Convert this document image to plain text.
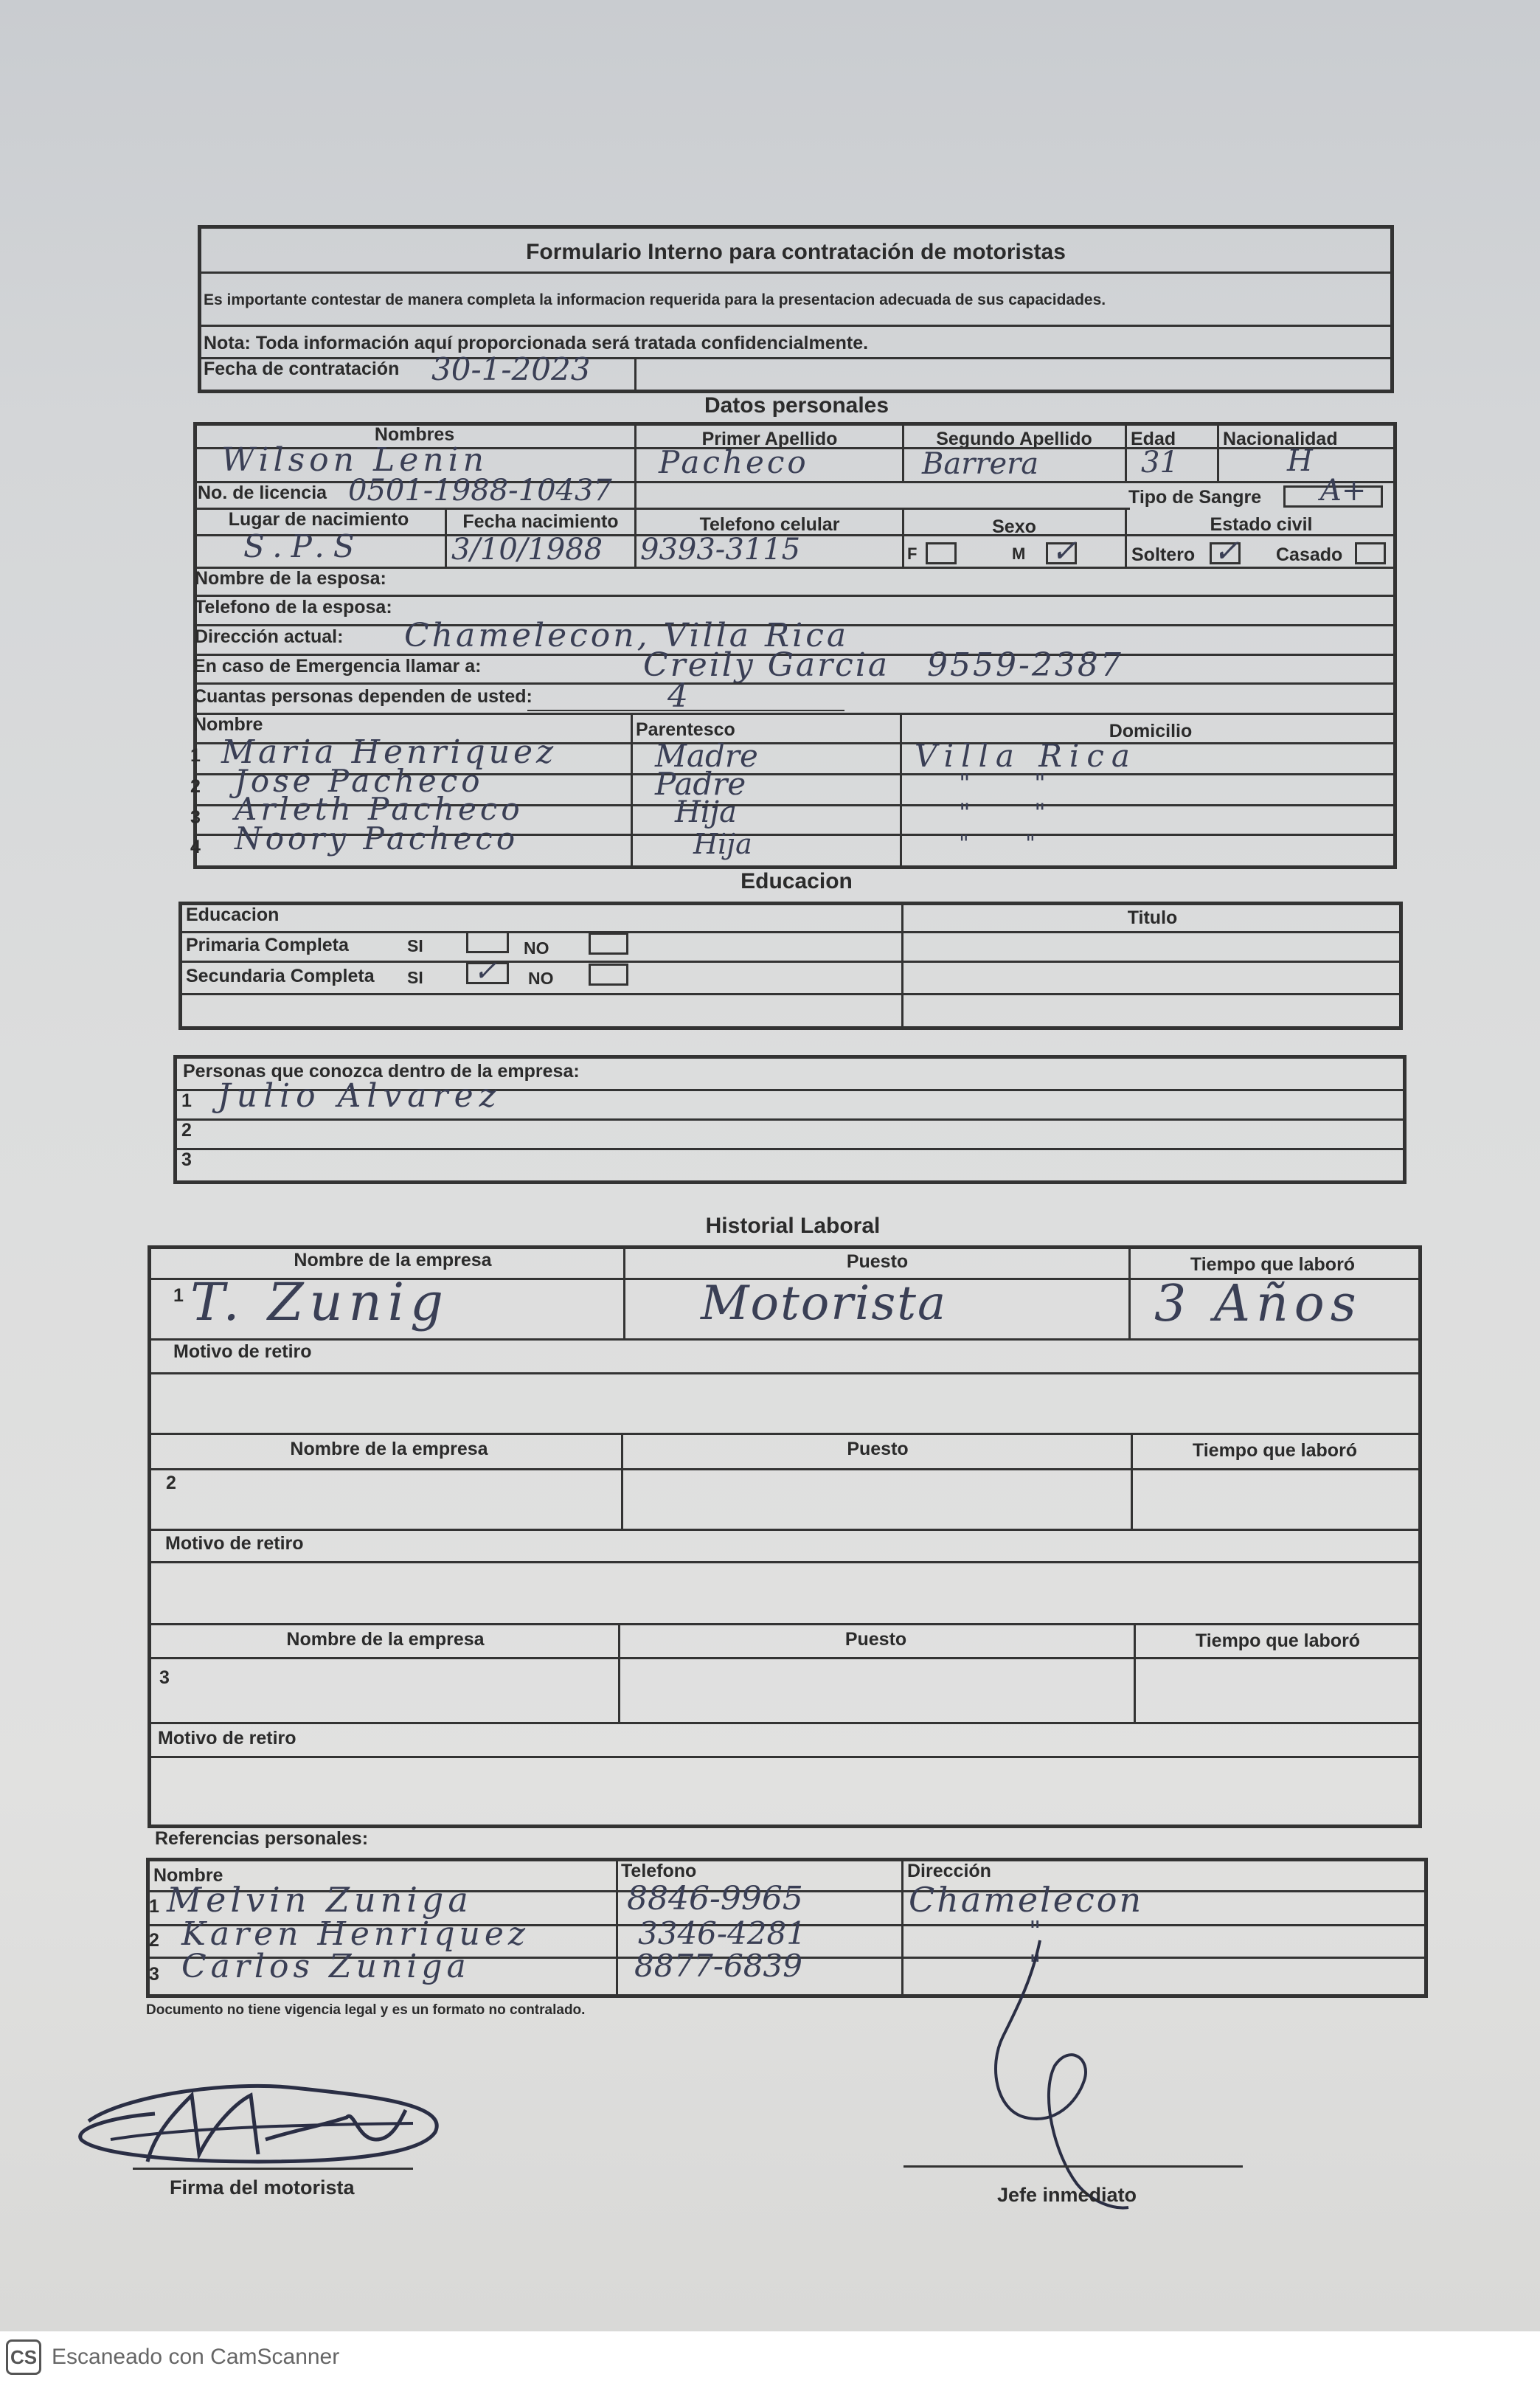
Formulario Interno para contratación de motoristas
Es importante contestar de manera completa la informacion requerida para la presentacion adecuada de sus capacidades.
Nota: Toda información aquí proporcionada será tratada confidencialmente.
Fecha de contratación 30-1-2023
Datos personales
Nombres	Primer Apellido	Segundo Apellido	Edad	Nacionalidad
Wilson Lenin	Pacheco	Barrera	31	H
No. de licencia 0501-1988-10437	Tipo de Sangre A+
Lugar de nacimiento	Fecha nacimiento	Telefono celular	Sexo	Estado civil
S.P.S	3/10/1988 9393-3115	F	M ✓	Soltero ✓ Casado
Nombre de la esposa:
Telefono de la esposa:
Dirección actual: Chamelecon, Villa Rica
En caso de Emergencia llamar a:	Creily Garcia   9559-2387
Cuantas personas dependen de usted:	4
Nombre	Parentesco	Domicilio
1 Maria Henriquez	Madre	Villa Rica
2 Jose Pacheco	Padre	"        "
3 Arleth Pacheco	Hija	"        "
4 Noory Pacheco	Hija	"        "
Educacion
Educacion	Titulo
Primaria Completa	SI	NO
Secundaria Completa SI ✓ NO
Personas que conozca dentro de la empresa:
1 Julio Alvarez
2
3
Historial Laboral
Nombre de la empresa	Puesto	Tiempo que laboró
1 T. Zunig	Motorista	3 Años
Motivo de retiro
Nombre de la empresa	Puesto	Tiempo que laboró
2
Motivo de retiro
Nombre de la empresa	Puesto	Tiempo que laboró
3
Motivo de retiro
Referencias personales:
Nombre	Telefono	Dirección
1 Melvin Zuniga	8846-9965	Chamelecon
2 Karen Henriquez	3346-4281	"
3 Carlos Zuniga	8877-6839	"
Documento no tiene vigencia legal y es un formato no contralado.
Firma del motorista	Jefe inmediato
CS Escaneado con CamScanner
